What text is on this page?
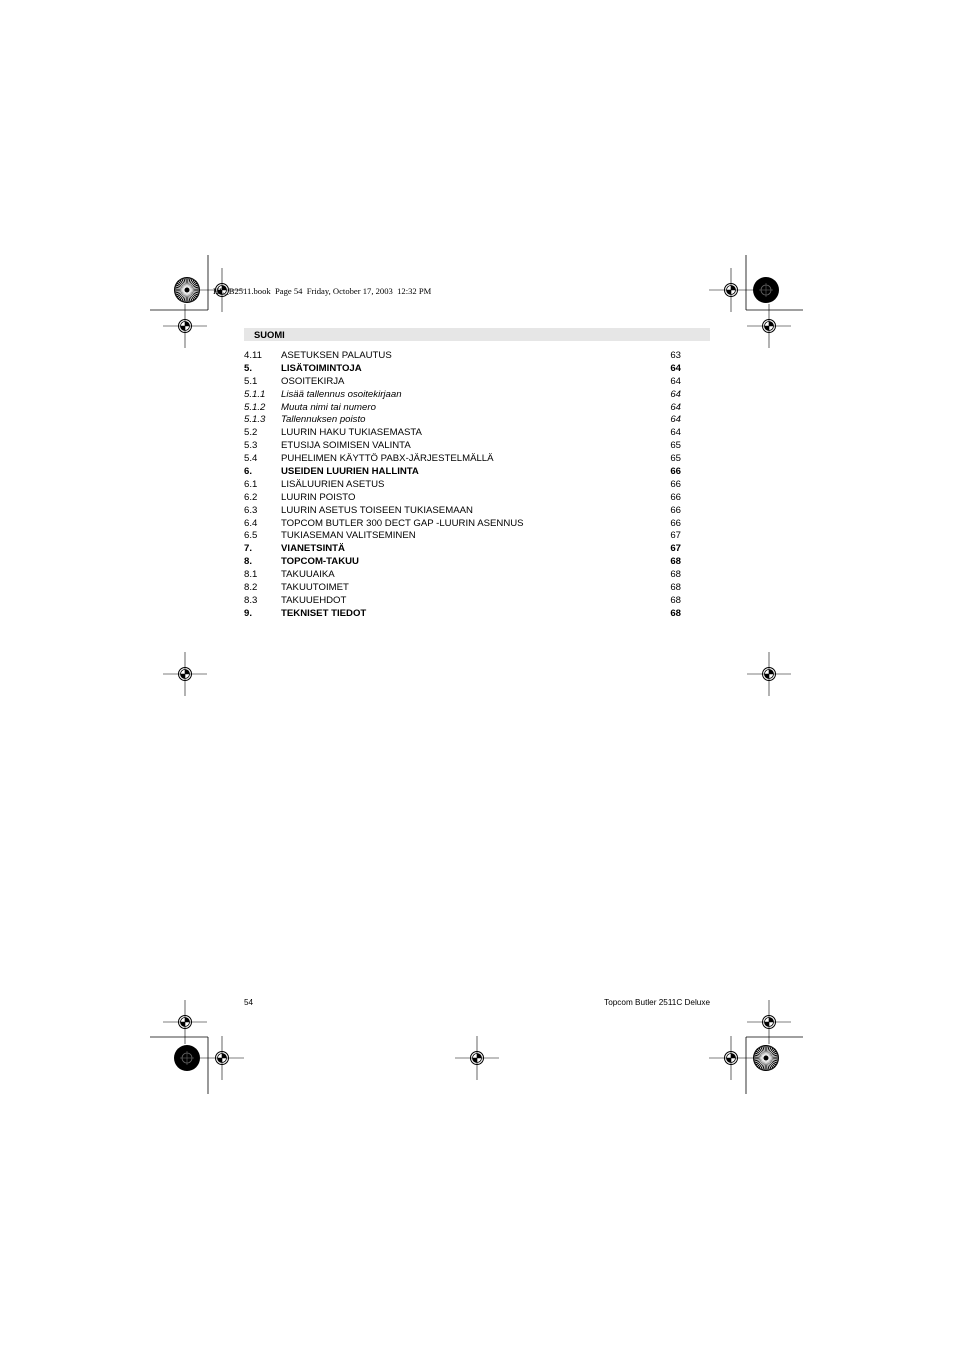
HL_B2511.book  Page 54  Friday, October 17, 2003  12:32 PM
SUOMI
4.11 ASETUKSEN PALAUTUS	63
5.	LISÄTOIMINTOJA	64
5.1 OSOITEKIRJA	64
5.1.1 Lisää tallennus osoitekirjaan	64
5.1.2 Muuta nimi tai numero	64
5.1.3 Tallennuksen poisto	64
5.2 LUURIN HAKU TUKIASEMASTA	64
5.3 ETUSIJA SOIMISEN VALINTA	65
5.4 PUHELIMEN KÄYTTÖ PABX-JÄRJESTELMÄLLÄ	65
6.	USEIDEN LUURIEN HALLINTA	66
6.1 LISÄLUURIEN ASETUS	66
6.2 LUURIN POISTO	66
6.3 LUURIN ASETUS TOISEEN TUKIASEMAAN	66
6.4 TOPCOM BUTLER 300 DECT GAP -LUURIN ASENNUS	66
6.5 TUKIASEMAN VALITSEMINEN	67
7.	VIANETSINTÄ	67
8.	TOPCOM-TAKUU	68
8.1 TAKUUAIKA	68
8.2 TAKUUTOIMET	68
8.3 TAKUUEHDOT	68
9.	TEKNISET TIEDOT	68
54	Topcom Butler 2511C Deluxe
